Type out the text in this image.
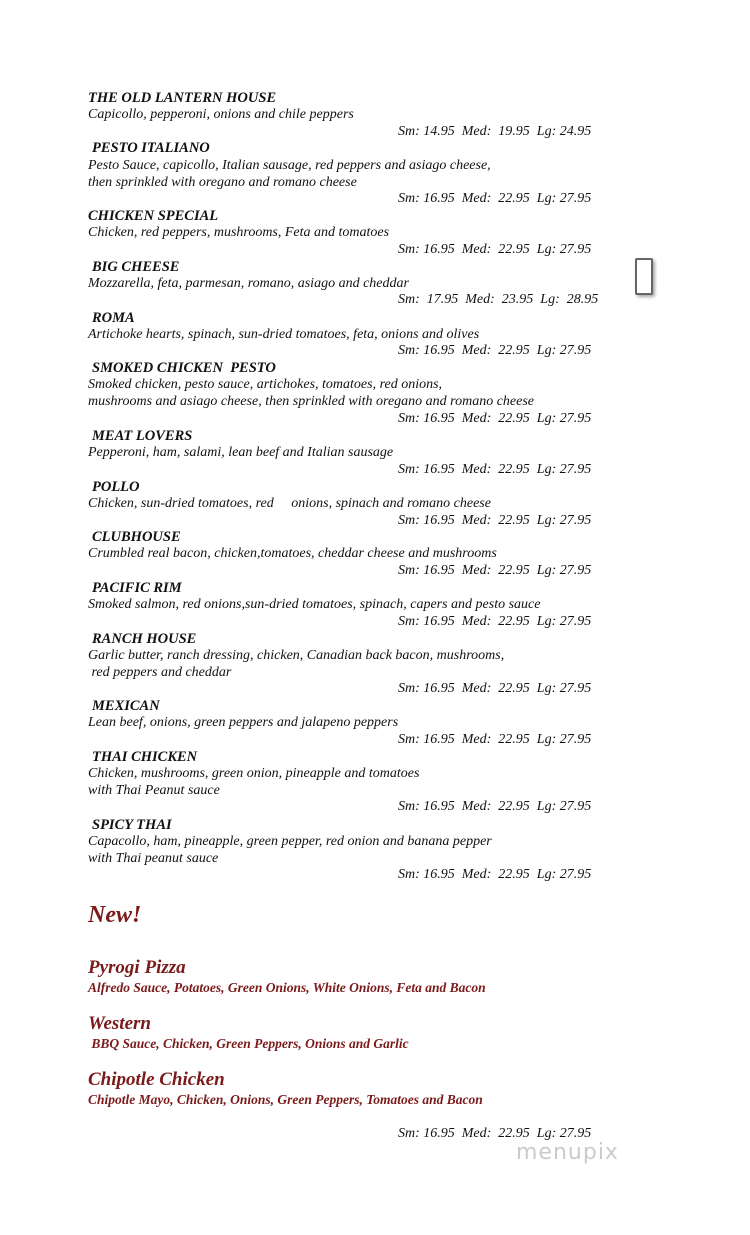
THE OLD LANTERN HOUSE
Capicollo, pepperoni, onions and chile peppers
Sm: 14.95  Med:  19.95  Lg: 24.95
PESTO ITALIANO
Pesto Sauce, capicollo, Italian sausage, red peppers and asiago cheese,
then sprinkled with oregano and romano cheese
Sm: 16.95  Med:  22.95  Lg: 27.95
CHICKEN SPECIAL
Chicken, red peppers, mushrooms, Feta and tomatoes
Sm: 16.95  Med:  22.95  Lg: 27.95
BIG CHEESE
Mozzarella, feta, parmesan, romano, asiago and cheddar
Sm:  17.95  Med:  23.95  Lg:  28.95
ROMA
Artichoke hearts, spinach, sun-dried tomatoes, feta, onions and olives
Sm: 16.95  Med:  22.95  Lg: 27.95
SMOKED CHICKEN  PESTO
Smoked chicken, pesto sauce, artichokes, tomatoes, red onions,
mushrooms and asiago cheese, then sprinkled with oregano and romano cheese
Sm: 16.95  Med:  22.95  Lg: 27.95
MEAT LOVERS
Pepperoni, ham, salami, lean beef and Italian sausage
Sm: 16.95  Med:  22.95  Lg: 27.95
POLLO
Chicken, sun-dried tomatoes, red     onions, spinach and romano cheese
Sm: 16.95  Med:  22.95  Lg: 27.95
CLUBHOUSE
Crumbled real bacon, chicken,tomatoes, cheddar cheese and mushrooms
Sm: 16.95  Med:  22.95  Lg: 27.95
PACIFIC RIM
Smoked salmon, red onions,sun-dried tomatoes, spinach, capers and pesto sauce
Sm: 16.95  Med:  22.95  Lg: 27.95
RANCH HOUSE
Garlic butter, ranch dressing, chicken, Canadian back bacon, mushrooms,
red peppers and cheddar
Sm: 16.95  Med:  22.95  Lg: 27.95
MEXICAN
Lean beef, onions, green peppers and jalapeno peppers
Sm: 16.95  Med:  22.95  Lg: 27.95
THAI CHICKEN
Chicken, mushrooms, green onion, pineapple and tomatoes
with Thai Peanut sauce
Sm: 16.95  Med:  22.95  Lg: 27.95
SPICY THAI
Capacollo, ham, pineapple, green pepper, red onion and banana pepper
with Thai peanut sauce
Sm: 16.95  Med:  22.95  Lg: 27.95
New!
Pyrogi Pizza
Alfredo Sauce, Potatoes, Green Onions, White Onions, Feta and Bacon
Western
BBQ Sauce, Chicken, Green Peppers, Onions and Garlic
Chipotle Chicken
Chipotle Mayo, Chicken, Onions, Green Peppers, Tomatoes and Bacon
Sm: 16.95  Med:  22.95  Lg: 27.95
menupix
